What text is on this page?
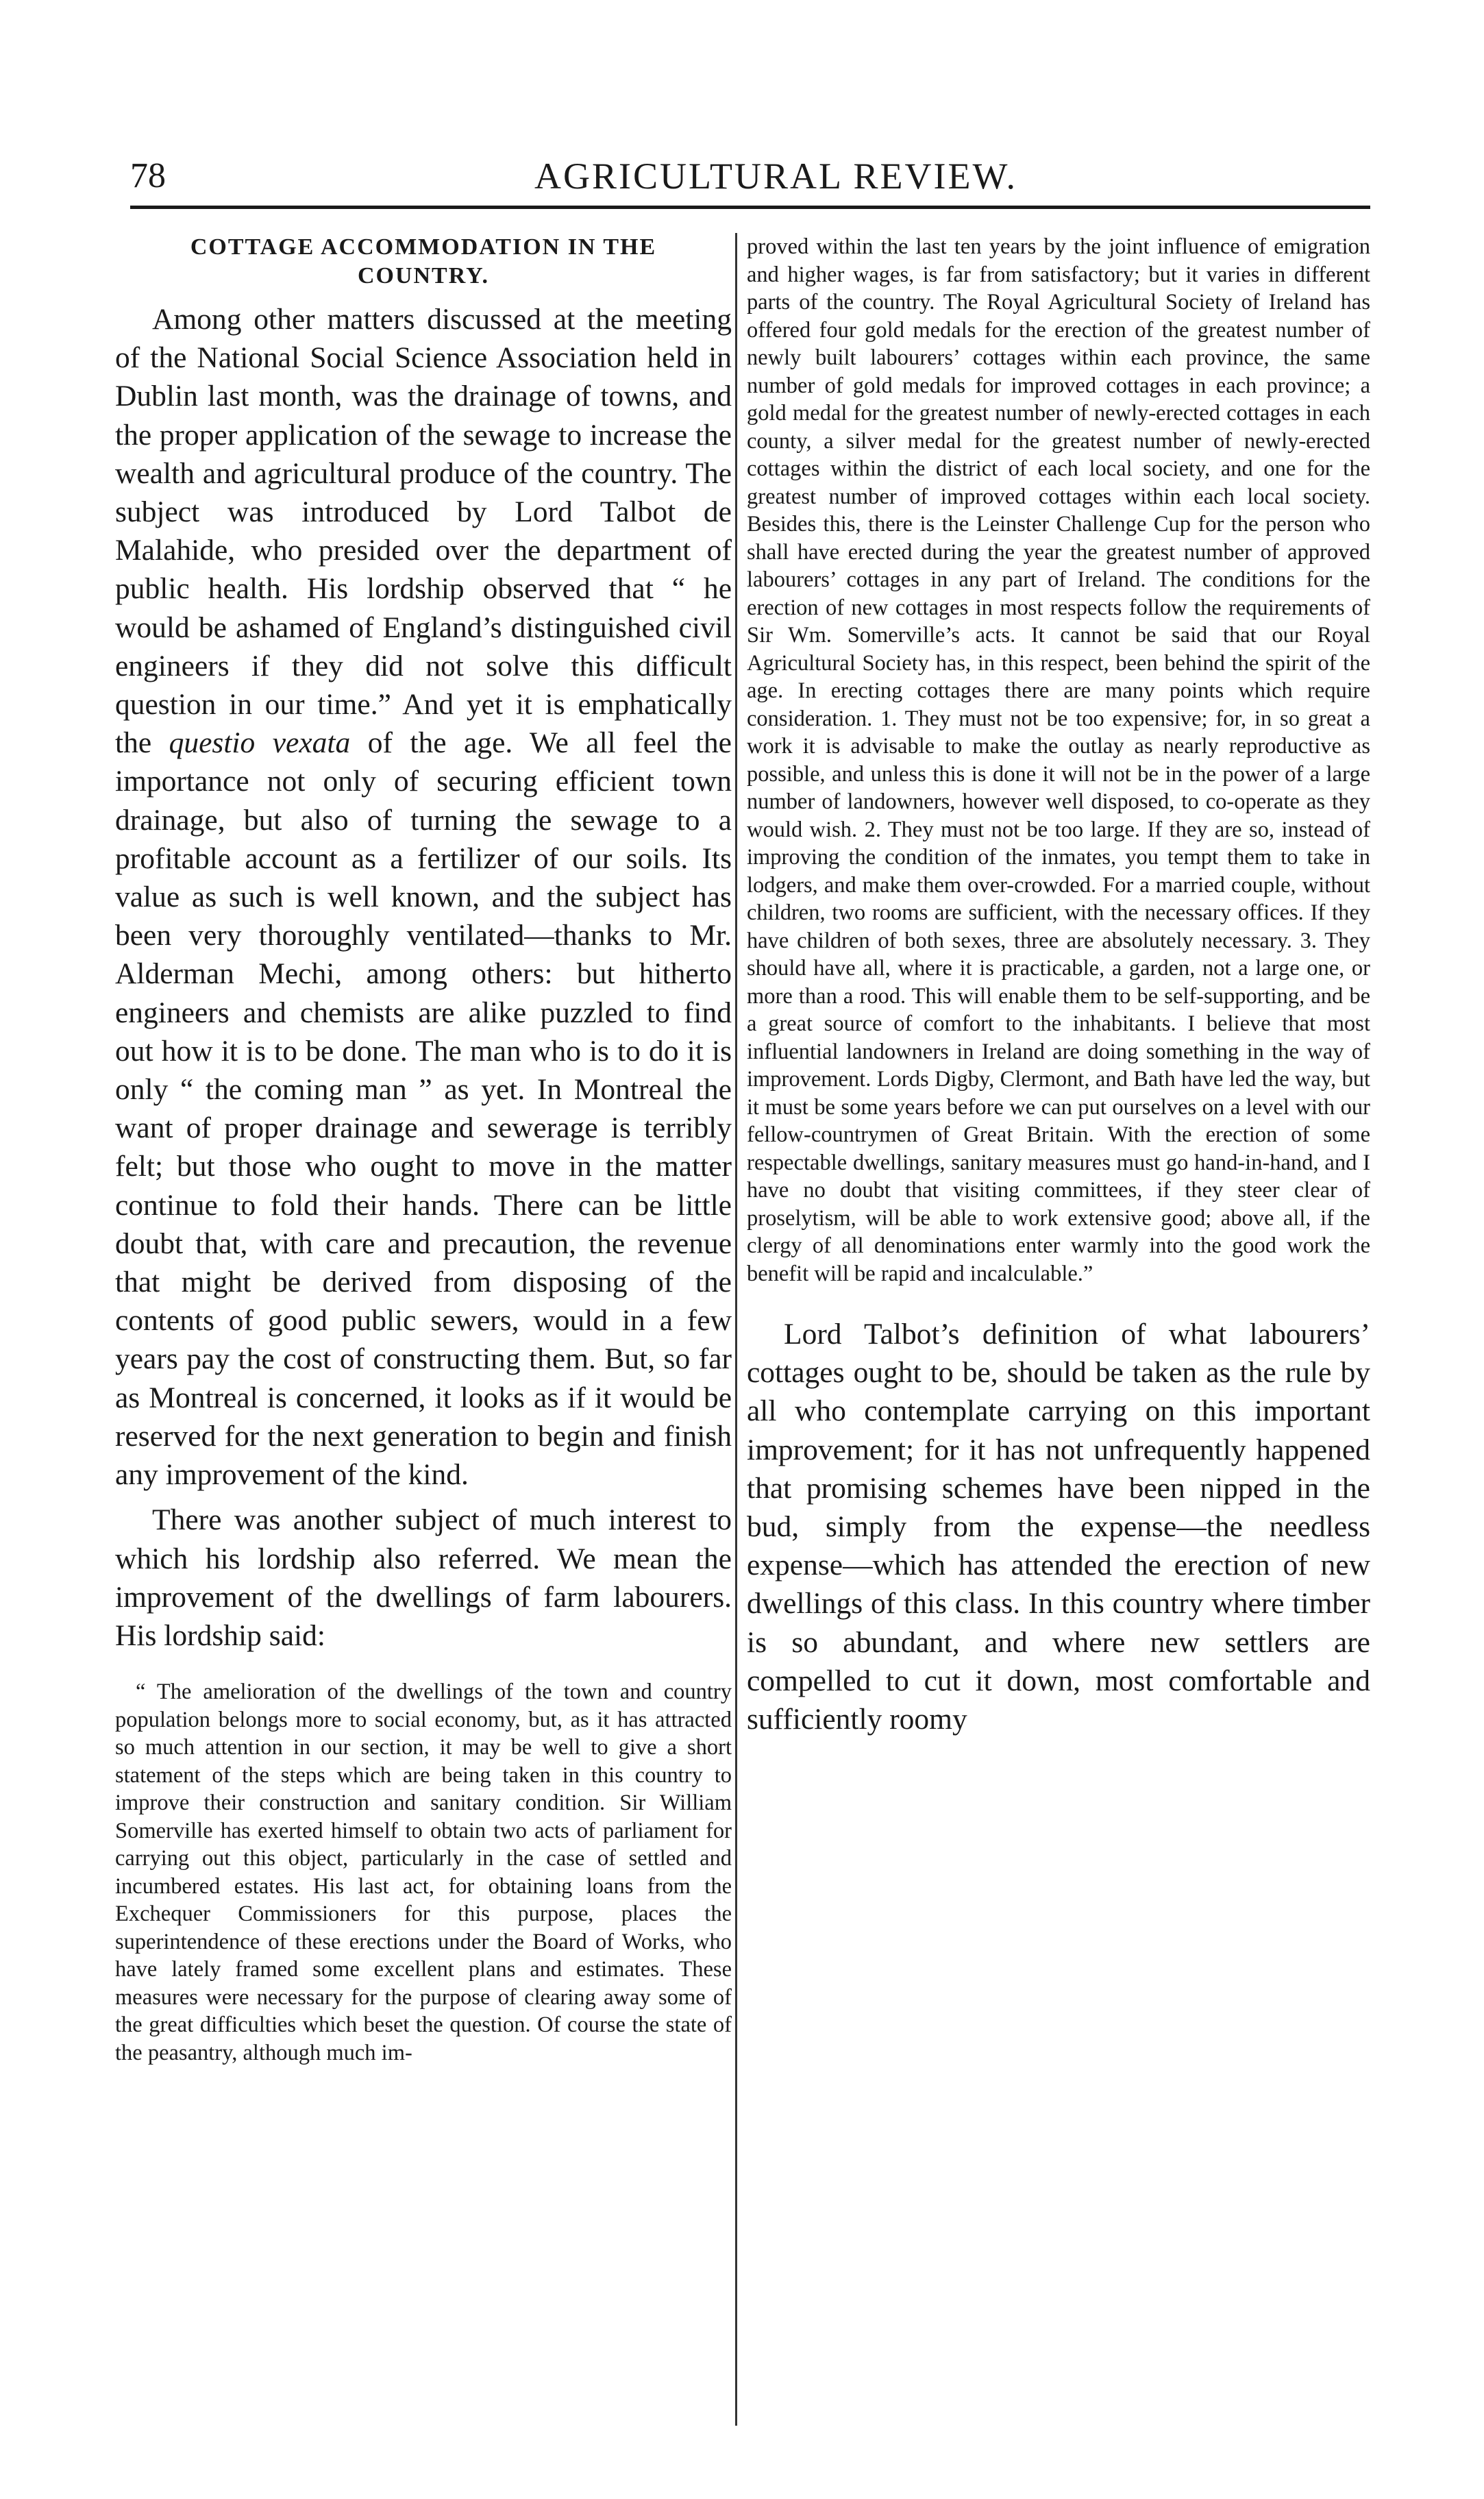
78	AGRICULTURAL REVIEW.
COTTAGE ACCOMMODATION IN THE COUNTRY.

Among other matters discussed at the meeting of the National Social Science Association held in Dublin last month, was the drainage of towns, and the proper application of the sewage to increase the wealth and agricultural produce of the country. The subject was introduced by Lord Talbot de Malahide, who presided over the department of public health. His lordship observed that “ he would be ashamed of England’s distinguished civil engineers if they did not solve this difficult question in our time.” And yet it is emphatically the questio vexata of the age. We all feel the importance not only of securing efficient town drainage, but also of turning the sewage to a profitable account as a fertilizer of our soils. Its value as such is well known, and the subject has been very thoroughly ventilated—thanks to Mr. Alderman Mechi, among others: but hitherto engineers and chemists are alike puzzled to find out how it is to be done. The man who is to do it is only “ the coming man ” as yet. In Montreal the want of proper drainage and sewerage is terribly felt; but those who ought to move in the matter continue to fold their hands. There can be little doubt that, with care and precaution, the revenue that might be derived from disposing of the contents of good public sewers, would in a few years pay the cost of constructing them. But, so far as Montreal is concerned, it looks as if it would be reserved for the next generation to begin and finish any improvement of the kind.

There was another subject of much interest to which his lordship also referred. We mean the improvement of the dwellings of farm labourers. His lordship said:

“ The amelioration of the dwellings of the town and country population belongs more to social economy, but, as it has attracted so much attention in our section, it may be well to give a short statement of the steps which are being taken in this country to improve their construction and sanitary condition. Sir William Somerville has exerted himself to obtain two acts of parliament for carrying out this object, particularly in the case of settled and incumbered estates. His last act, for obtaining loans from the Exchequer Commissioners for this purpose, places the superintendence of these erections under the Board of Works, who have lately framed some excellent plans and estimates. These measures were necessary for the purpose of clearing away some of the great difficulties which beset the question. Of course the state of the peasantry, although much im-

proved within the last ten years by the joint influence of emigration and higher wages, is far from satisfactory; but it varies in different parts of the country. The Royal Agricultural Society of Ireland has offered four gold medals for the erection of the greatest number of newly built labourers’ cottages within each province, the same number of gold medals for improved cottages in each province; a gold medal for the greatest number of newly-erected cottages in each county, a silver medal for the greatest number of newly-erected cottages within the district of each local society, and one for the greatest number of improved cottages within each local society. Besides this, there is the Leinster Challenge Cup for the person who shall have erected during the year the greatest number of approved labourers’ cottages in any part of Ireland. The conditions for the erection of new cottages in most respects follow the requirements of Sir Wm. Somerville’s acts. It cannot be said that our Royal Agricultural Society has, in this respect, been behind the spirit of the age. In erecting cottages there are many points which require consideration. 1. They must not be too expensive; for, in so great a work it is advisable to make the outlay as nearly reproductive as possible, and unless this is done it will not be in the power of a large number of landowners, however well disposed, to co-operate as they would wish. 2. They must not be too large. If they are so, instead of improving the condition of the inmates, you tempt them to take in lodgers, and make them over-crowded. For a married couple, without children, two rooms are sufficient, with the necessary offices. If they have children of both sexes, three are absolutely necessary. 3. They should have all, where it is practicable, a garden, not a large one, or more than a rood. This will enable them to be self-supporting, and be a great source of comfort to the inhabitants. I believe that most influential landowners in Ireland are doing something in the way of improvement. Lords Digby, Clermont, and Bath have led the way, but it must be some years before we can put ourselves on a level with our fellow-countrymen of Great Britain. With the erection of some respectable dwellings, sanitary measures must go hand-in-hand, and I have no doubt that visiting committees, if they steer clear of proselytism, will be able to work extensive good; above all, if the clergy of all denominations enter warmly into the good work the benefit will be rapid and incalculable.”

Lord Talbot’s definition of what labourers’ cottages ought to be, should be taken as the rule by all who contemplate carrying on this important improvement; for it has not unfrequently happened that promising schemes have been nipped in the bud, simply from the expense—the needless expense—which has attended the erection of new dwellings of this class. In this country where timber is so abundant, and where new settlers are compelled to cut it down, most comfortable and sufficiently roomy
